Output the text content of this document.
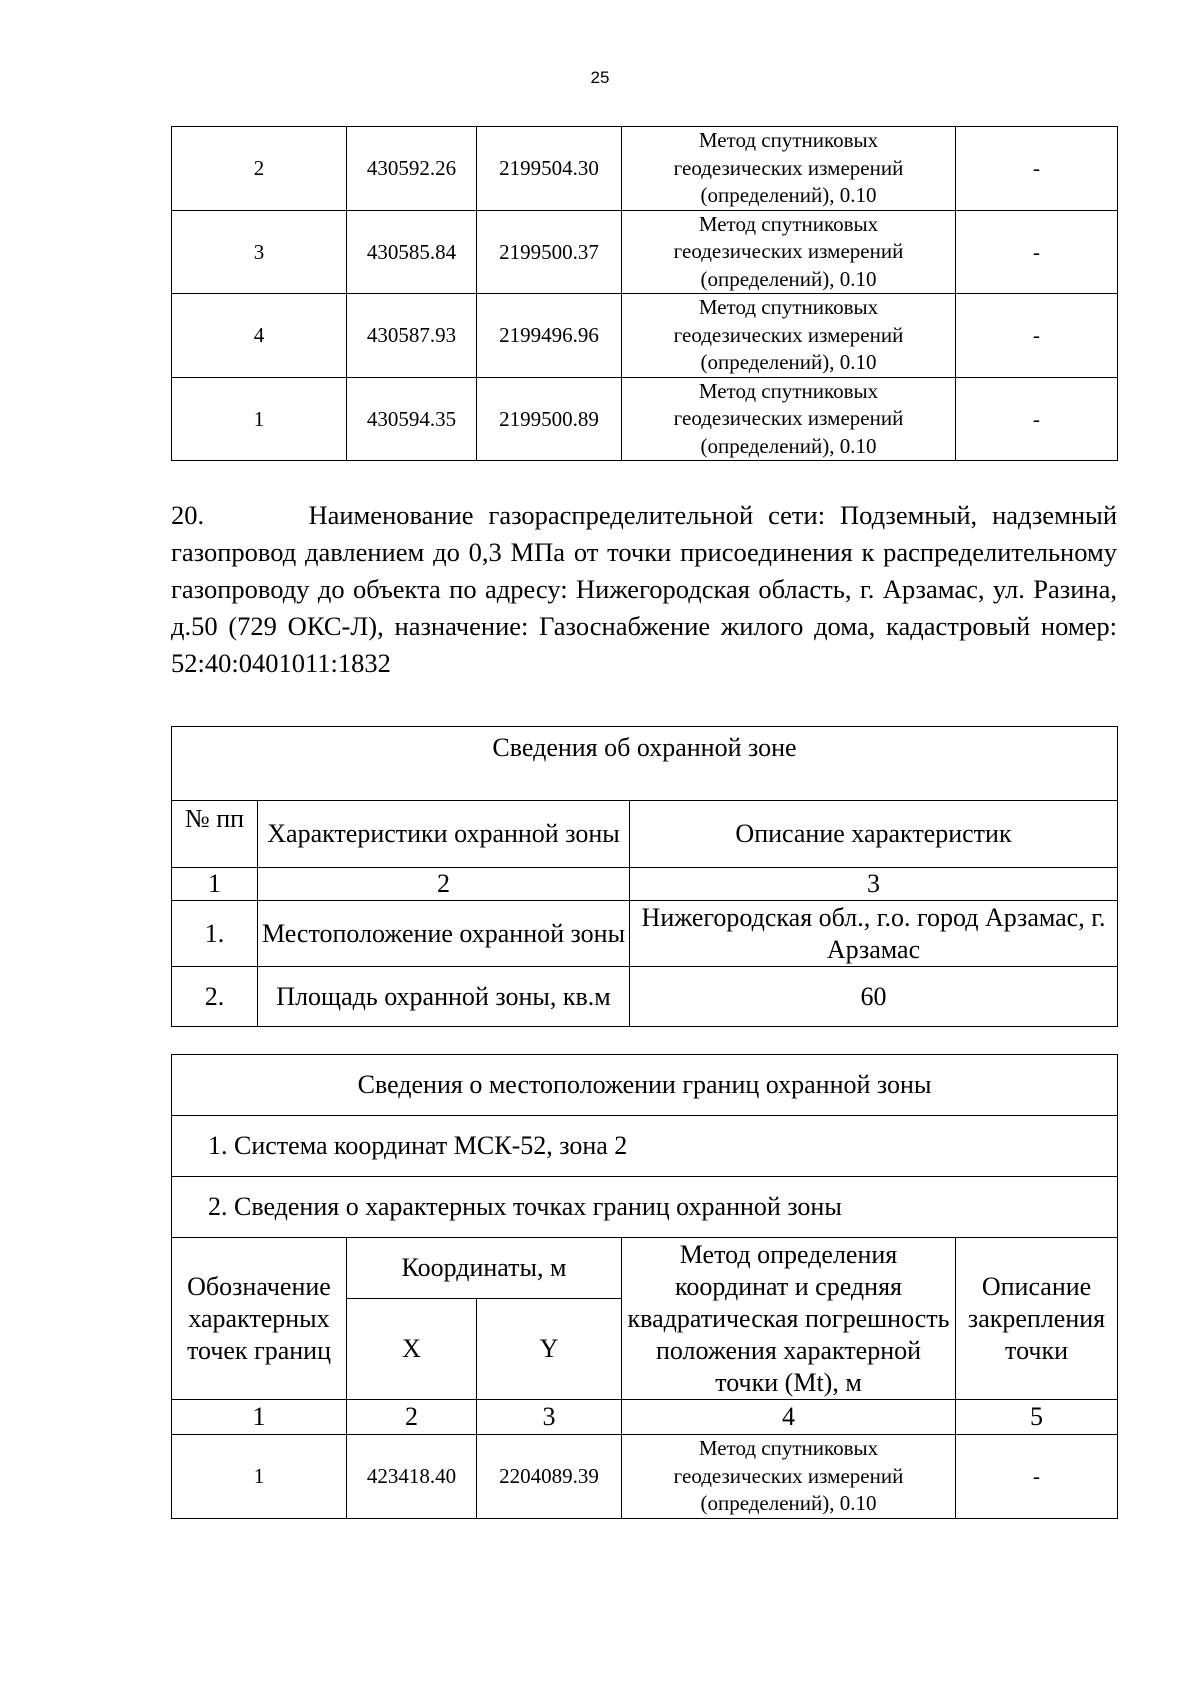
25
2	430592.26	2199504.30	Метод спутниковых
геодезических измерений
(определений), 0.10	-
3	430585.84	2199500.37	Метод спутниковых
геодезических измерений
(определений), 0.10	-
4	430587.93	2199496.96	Метод спутниковых
геодезических измерений
(определений), 0.10	-
1	430594.35	2199500.89	Метод спутниковых
геодезических измерений
(определений), 0.10	-
20.	Наименование газораспределительной сети: Подземный, надземный газопровод давлением до 0,3 МПа от точки присоединения к распределительному газопроводу до объекта по адресу: Нижегородская область, г. Арзамас, ул. Разина, д.50 (729 ОКС-Л), назначение: Газоснабжение жилого дома, кадастровый номер: 52:40:0401011:1832
Сведения об охранной зоне		
№ пп	Характеристики охранной зоны	Описание характеристик
1	2	3
1.	Местоположение охранной зоны	Нижегородская обл., г.о. город Арзамас, г. Арзамас
2.	Площадь охранной зоны, кв.м	60
Сведения о местоположении границ охранной зоны				
1. Система координат МСК-52, зона 2				
2. Сведения о характерных точках границ охранной зоны				
Обозначение характерных точек границ	Координаты, м		Метод определения координат и средняя квадратическая погрешность положения характерной точки (Mt), м	Описание закрепления точки
	X	Y		
1	2	3	4	5
1	423418.40	2204089.39	Метод спутниковых
геодезических измерений
(определений), 0.10	-
